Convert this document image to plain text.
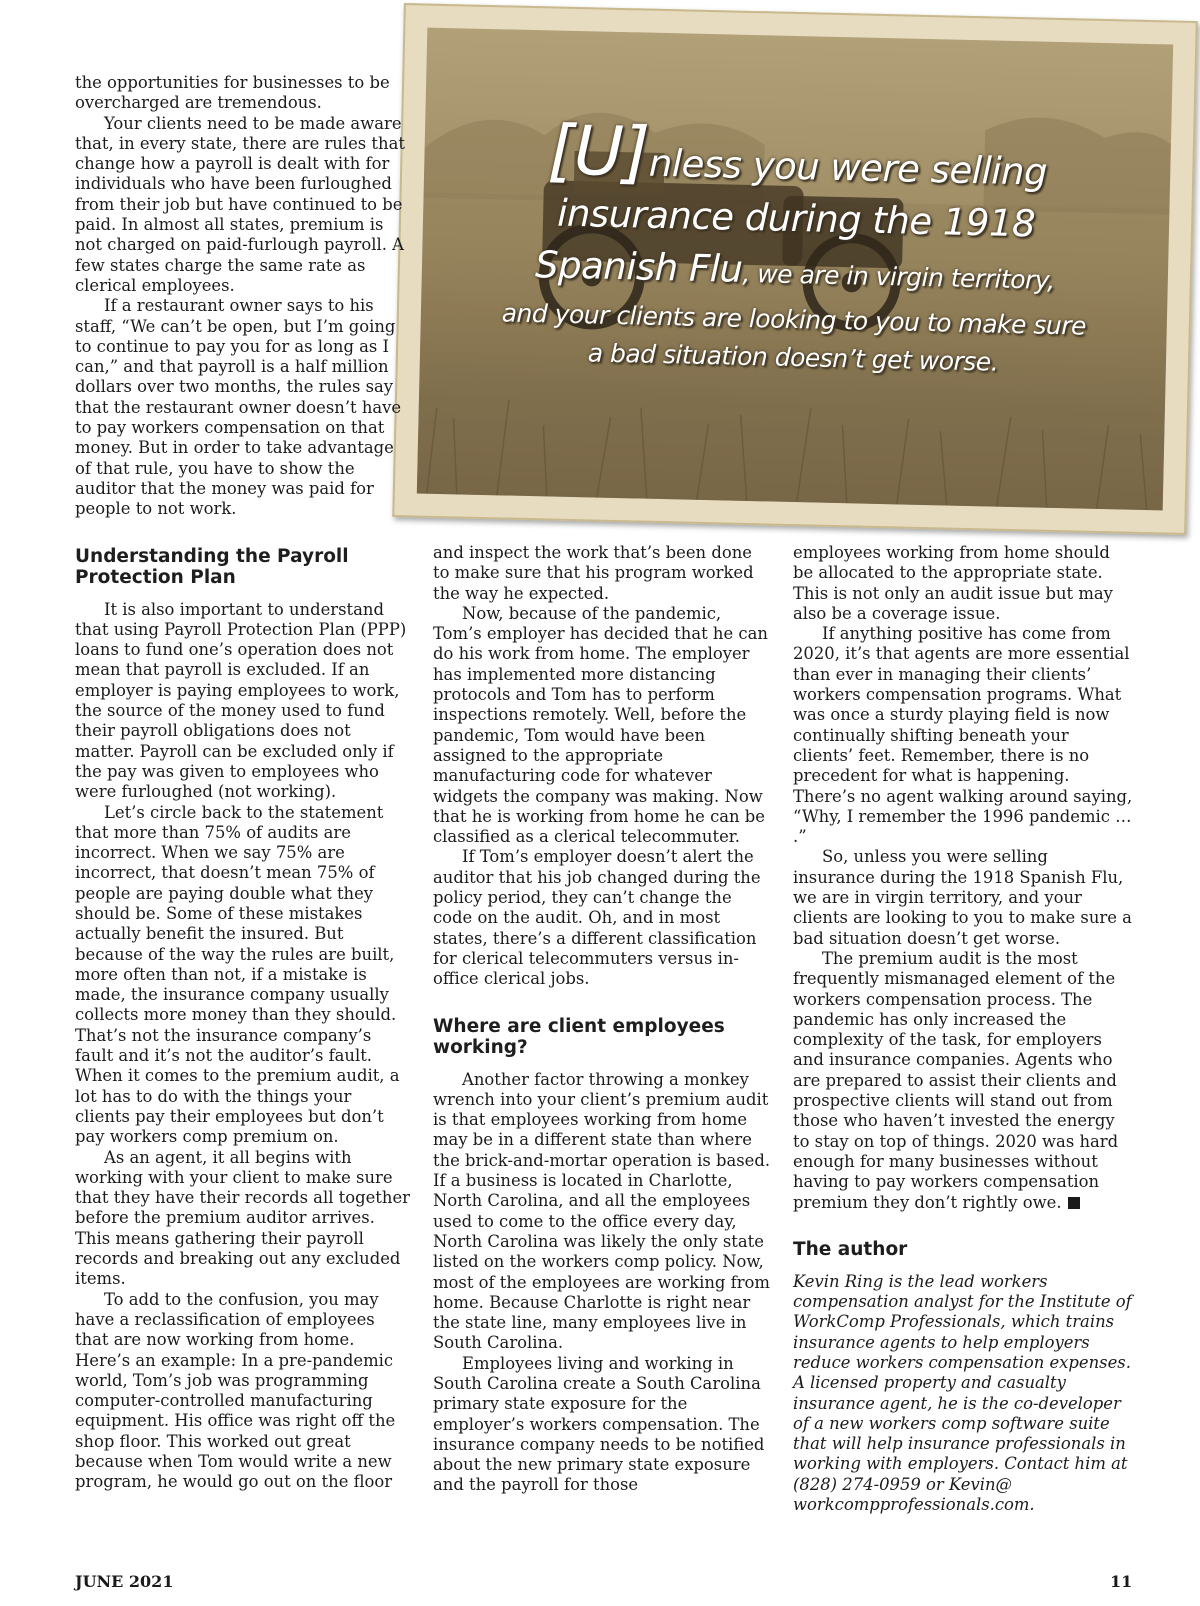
[U]nless you were selling
insurance during the 1918
Spanish Flu, we are in virgin territory,
and your clients are looking to you to make sure
a bad situation doesn’t get worse.

the opportunities for businesses to be overcharged are tremendous.

Your clients need to be made aware that, in every state, there are rules that change how a payroll is dealt with for individuals who have been furloughed from their job but have continued to be paid. In almost all states, premium is not charged on paid-furlough payroll. A few states charge the same rate as clerical employees.

If a restaurant owner says to his staff, “We can’t be open, but I’m going to continue to pay you for as long as I can,” and that payroll is a half million dollars over two months, the rules say that the restaurant owner doesn’t have to pay workers compensation on that money. But in order to take advantage of that rule, you have to show the auditor that the money was paid for people to not work.

Understanding the Payroll Protection Plan

It is also important to understand that using Payroll Protection Plan (PPP) loans to fund one’s operation does not mean that payroll is excluded. If an employer is paying employees to work, the source of the money used to fund their payroll obligations does not matter. Payroll can be excluded only if the pay was given to employees who were furloughed (not working).

Let’s circle back to the statement that more than 75% of audits are incorrect. When we say 75% are incorrect, that doesn’t mean 75% of people are paying double what they should be. Some of these mistakes actually benefit the insured. But because of the way the rules are built, more often than not, if a mistake is made, the insurance company usually collects more money than they should. That’s not the insurance company’s fault and it’s not the auditor’s fault. When it comes to the premium audit, a lot has to do with the things your clients pay their employees but don’t pay workers comp premium on.

As an agent, it all begins with working with your client to make sure that they have their records all together before the premium auditor arrives. This means gathering their payroll records and breaking out any excluded items.

To add to the confusion, you may have a reclassification of employees that are now working from home. Here’s an example: In a pre-pandemic world, Tom’s job was programming computer-controlled manufacturing equipment. His office was right off the shop floor. This worked out great because when Tom would write a new program, he would go out on the floor

and inspect the work that’s been done to make sure that his program worked the way he expected.

Now, because of the pandemic, Tom’s employer has decided that he can do his work from home. The employer has implemented more distancing protocols and Tom has to perform inspections remotely. Well, before the pandemic, Tom would have been assigned to the appropriate manufacturing code for whatever widgets the company was making. Now that he is working from home he can be classified as a clerical telecommuter.

If Tom’s employer doesn’t alert the auditor that his job changed during the policy period, they can’t change the code on the audit. Oh, and in most states, there’s a different classification for clerical telecommuters versus in-office clerical jobs.

Where are client employees working?

Another factor throwing a monkey wrench into your client’s premium audit is that employees working from home may be in a different state than where the brick-and-mortar operation is based. If a business is located in Charlotte, North Carolina, and all the employees used to come to the office every day, North Carolina was likely the only state listed on the workers comp policy. Now, most of the employees are working from home. Because Charlotte is right near the state line, many employees live in South Carolina.

Employees living and working in South Carolina create a South Carolina primary state exposure for the employer’s workers compensation. The insurance company needs to be notified about the new primary state exposure and the payroll for those

employees working from home should be allocated to the appropriate state. This is not only an audit issue but may also be a coverage issue.

If anything positive has come from 2020, it’s that agents are more essential than ever in managing their clients’ workers compensation programs. What was once a sturdy playing field is now continually shifting beneath your clients’ feet. Remember, there is no precedent for what is happening. There’s no agent walking around saying, “Why, I remember the 1996 pandemic … .”

So, unless you were selling insurance during the 1918 Spanish Flu, we are in virgin territory, and your clients are looking to you to make sure a bad situation doesn’t get worse.

The premium audit is the most frequently mismanaged element of the workers compensation process. The pandemic has only increased the complexity of the task, for employers and insurance companies. Agents who are prepared to assist their clients and prospective clients will stand out from those who haven’t invested the energy to stay on top of things. 2020 was hard enough for many businesses without having to pay workers compensation premium they don’t rightly owe.

The author

Kevin Ring is the lead workers compensation analyst for the Institute of WorkComp Professionals, which trains insurance agents to help employers reduce workers compensation expenses. A licensed property and casualty insurance agent, he is the co-developer of a new workers comp software suite that will help insurance professionals in working with employers. Contact him at (828) 274-0959 or Kevin@ workcompprofessionals.com.

JUNE 2021	11
